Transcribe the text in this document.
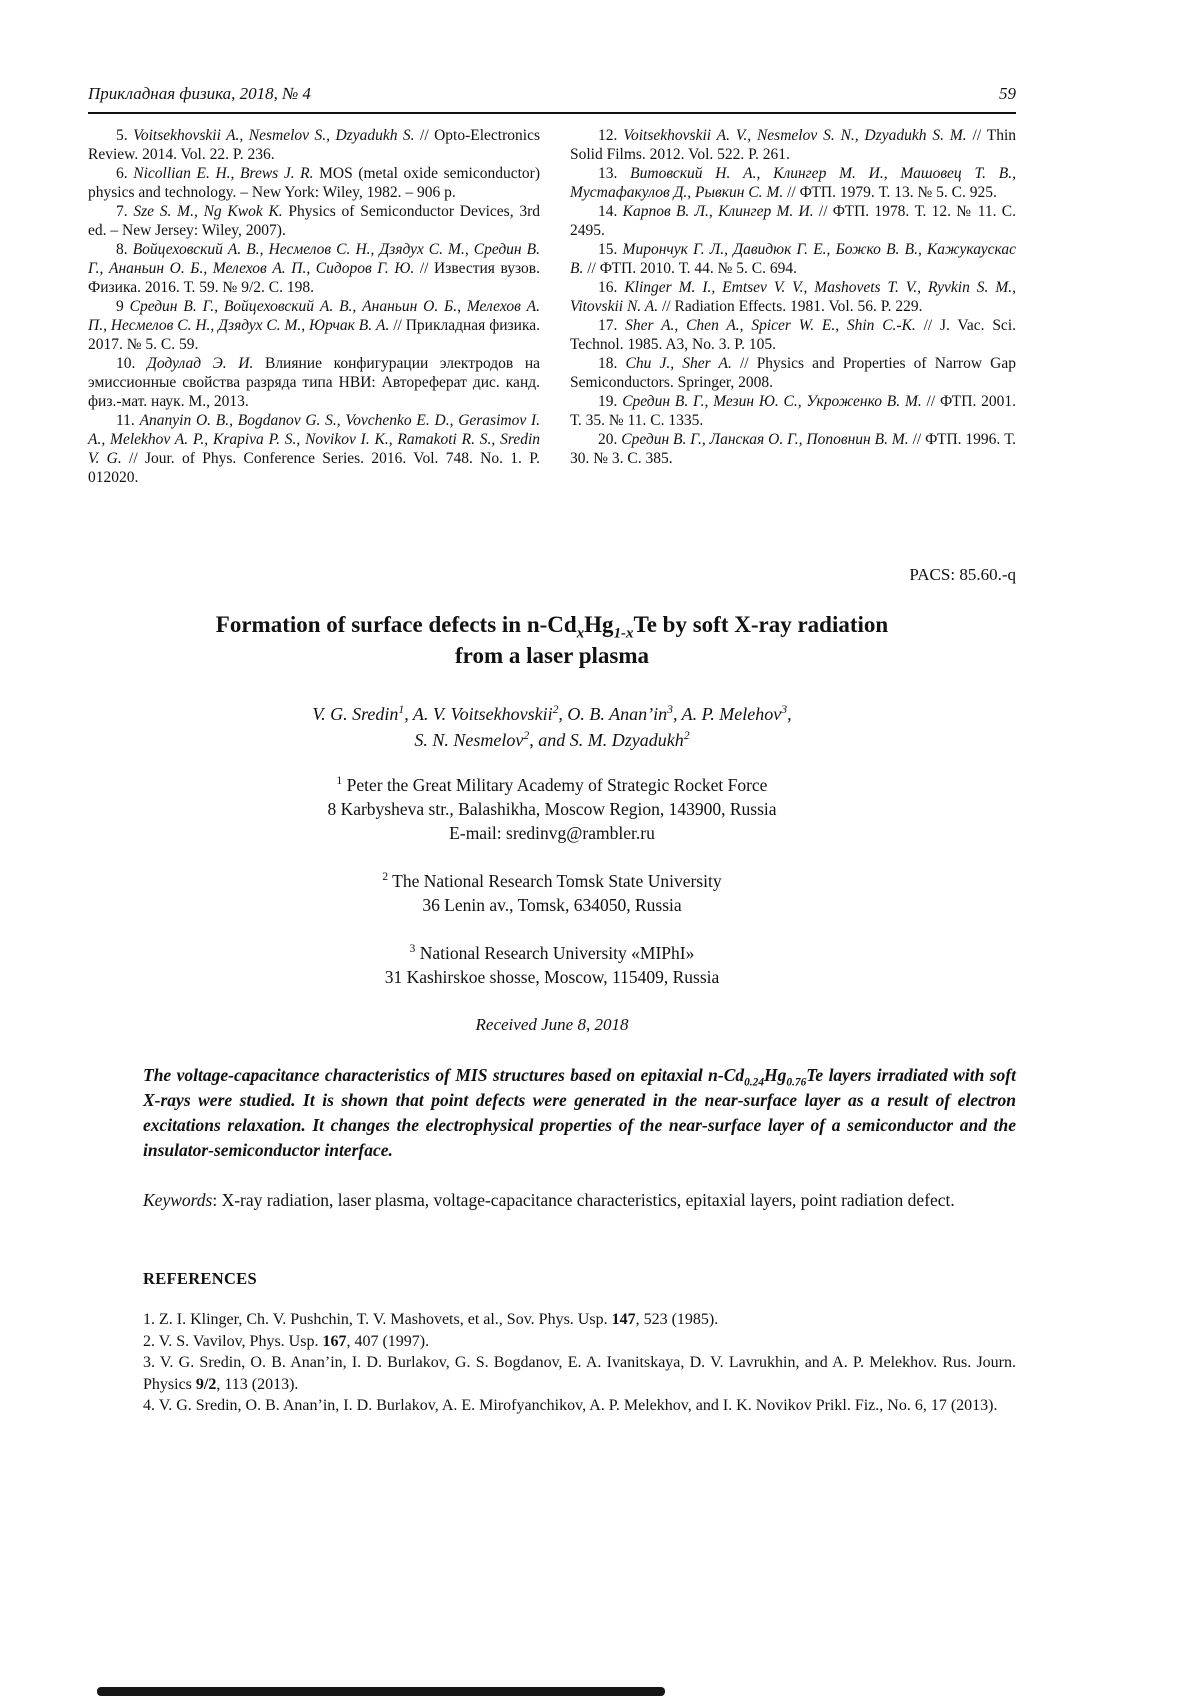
Прикладная физика, 2018, № 4	59

5. Voitsekhovskii A., Nesmelov S., Dzyadukh S. // Opto-Electronics Review. 2014. Vol. 22. P. 236.

6. Nicollian E. H., Brews J. R. MOS (metal oxide semiconductor) physics and technology. – New York: Wiley, 1982. – 906 p.

7. Sze S. M., Ng Kwok K. Physics of Semiconductor Devices, 3rd ed. – New Jersey: Wiley, 2007).

8. Войцеховский А. В., Несмелов С. Н., Дзядух С. М., Средин В. Г., Ананьин О. Б., Мелехов А. П., Сидоров Г. Ю. // Известия вузов. Физика. 2016. Т. 59. № 9/2. С. 198.

9 Средин В. Г., Войцеховский А. В., Ананьин О. Б., Мелехов А. П., Несмелов С. Н., Дзядух С. М., Юрчак В. А. // Прикладная физика. 2017. № 5. С. 59.

10. Додулад Э. И. Влияние конфигурации электродов на эмиссионные свойства разряда типа НВИ: Автореферат дис. канд. физ.-мат. наук. М., 2013.

11. Ananyin O. B., Bogdanov G. S., Vovchenko E. D., Gerasimov I. A., Melekhov A. P., Krapiva P. S., Novikov I. K., Ramakoti R. S., Sredin V. G. // Jour. of Phys. Conference Series. 2016. Vol. 748. No. 1. P. 012020.

12. Voitsekhovskii A. V., Nesmelov S. N., Dzyadukh S. M. // Thin Solid Films. 2012. Vol. 522. P. 261.

13. Витовский Н. А., Клингер М. И., Машовец Т. В., Мустафакулов Д., Рывкин С. М. // ФТП. 1979. Т. 13. № 5. С. 925.

14. Карпов В. Л., Клингер М. И. // ФТП. 1978. Т. 12. № 11. С. 2495.

15. Мирончук Г. Л., Давидюк Г. Е., Божко В. В., Кажукаускас В. // ФТП. 2010. Т. 44. № 5. С. 694.

16. Klinger M. I., Emtsev V. V., Mashovets T. V., Ryvkin S. M., Vitovskii N. A. // Radiation Effects. 1981. Vol. 56. P. 229.

17. Sher A., Chen A., Spicer W. E., Shin C.-K. // J. Vac. Sci. Technol. 1985. A3, No. 3. P. 105.

18. Chu J., Sher A. // Physics and Properties of Narrow Gap Semiconductors. Springer, 2008.

19. Средин В. Г., Мезин Ю. С., Укроженко В. М. // ФТП. 2001. Т. 35. № 11. С. 1335.

20. Средин В. Г., Ланская О. Г., Поповнин В. М. // ФТП. 1996. Т. 30. № 3. С. 385.

PACS: 85.60.-q
Formation of surface defects in $n-Cd_xHg_{1-x}Te$ by soft X-ray radiation
from a laser plasma
V. G. Sredin$^1$, A. V. Voitsekhovskii$^2$, O. B. $Anan’in^3$, A. P. Melehov$^3$,
S. N. Nesmelov$^2$, and S. M. Dzyadukh$^2$
$^1$ Peter the Great Military Academy of Strategic Rocket Force
8 Karbysheva str., Balashikha, Moscow Region, 143900, Russia
E-mail: sredinvg@rambler.ru
$^2$ The National Research Tomsk State University
36 Lenin av., Tomsk, 634050, Russia
$^3$ National Research University «MIPhI»
31 Kashirskoe shosse, Moscow, 115409, Russia
Received June 8, 2018
The voltage-capacitance characteristics of MIS structures based on epitaxial $n-Cd_{0.24}Hg_{0.76}Te$ layers irradiated with soft X-rays were studied. It is shown that point defects were generated in the near-surface layer as a result of electron excitations relaxation. It changes the electrophysical properties of the near-surface layer of a semiconductor and the insulator-semiconductor interface.
Keywords: X-ray radiation, laser plasma, voltage-capacitance characteristics, epitaxial layers, point radiation defect.
REFERENCES

1. Z. I. Klinger, Ch. V. Pushchin, T. V. Mashovets, et al., Sov. Phys. Usp. 147, 523 (1985).

2. V. S. Vavilov, Phys. Usp. 167, 407 (1997).

3. V. G. Sredin, O. B. Anan’in, I. D. Burlakov, G. S. Bogdanov, E. A. Ivanitskaya, D. V. Lavrukhin, and A. P. Melekhov. Rus. Journ. Physics 9/2, 113 (2013).

4. V. G. Sredin, O. B. Anan’in, I. D. Burlakov, A. E. Mirofyanchikov, A. P. Melekhov, and I. K. Novikov Prikl. Fiz., No. 6, 17 (2013).
